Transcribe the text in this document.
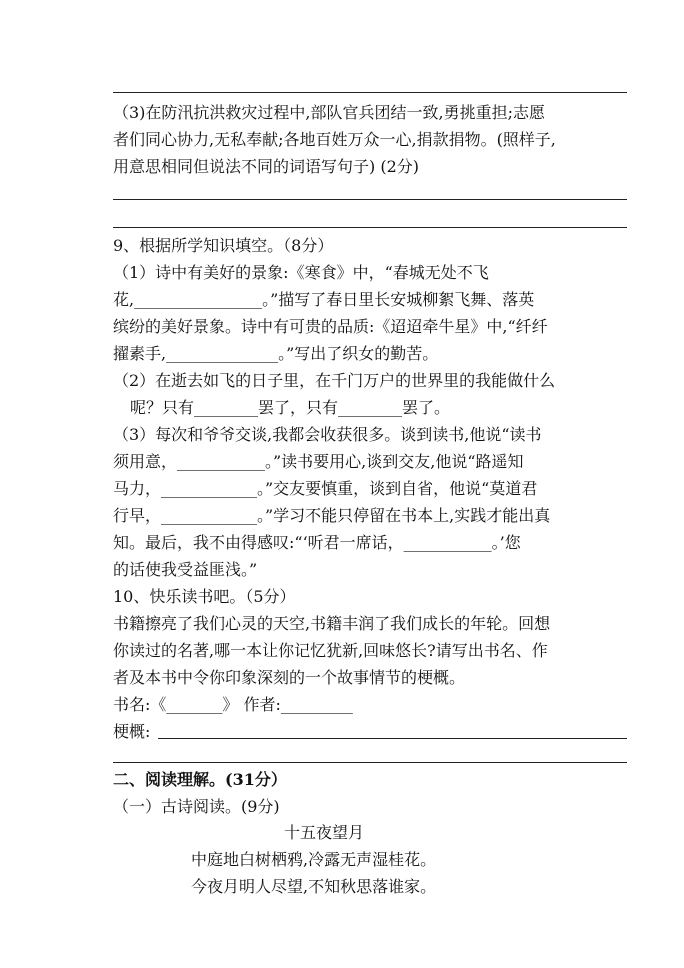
（3)在防汛抗洪救灾过程中,部队官兵团结一致,勇挑重担;志愿
者们同心协力,无私奉献;各地百姓万众一心,捐款捐物。(照样子,
用意思相同但说法不同的词语写句子) (2分)
9、根据所学知识填空。（8分）
（1）诗中有美好的景象:《寒食》中，“春城无处不飞
花,________________。”描写了春日里长安城柳絮飞舞、落英
缤纷的美好景象。诗中有可贵的品质:《迢迢牵牛星》中,“纤纤
擢素手,______________。”写出了织女的勤苦。
（2）在逝去如飞的日子里，在千门万户的世界里的我能做什么
呢？只有________罢了，只有________罢了。
（3）每次和爷爷交谈,我都会收获很多。谈到读书,他说“读书
须用意，___________。”读书要用心,谈到交友,他说“路遥知
马力，____________。”交友要慎重，谈到自省，他说“莫道君
行早，____________。”学习不能只停留在书本上,实践才能出真
知。最后，我不由得感叹:“‘听君一席话，___________。’您
的话使我受益匪浅。”
10、快乐读书吧。（5分）
书籍擦亮了我们心灵的天空,书籍丰润了我们成长的年轮。回想
你读过的名著,哪一本让你记忆犹新,回味悠长?请写出书名、作
者及本书中令你印象深刻的一个故事情节的梗概。
书名:《_______》 作者:_________
梗概:
二、阅读理解。(31分）
（一）古诗阅读。(9分)
十五夜望月
中庭地白树栖鸦,冷露无声湿桂花。
今夜月明人尽望,不知秋思落谁家。
